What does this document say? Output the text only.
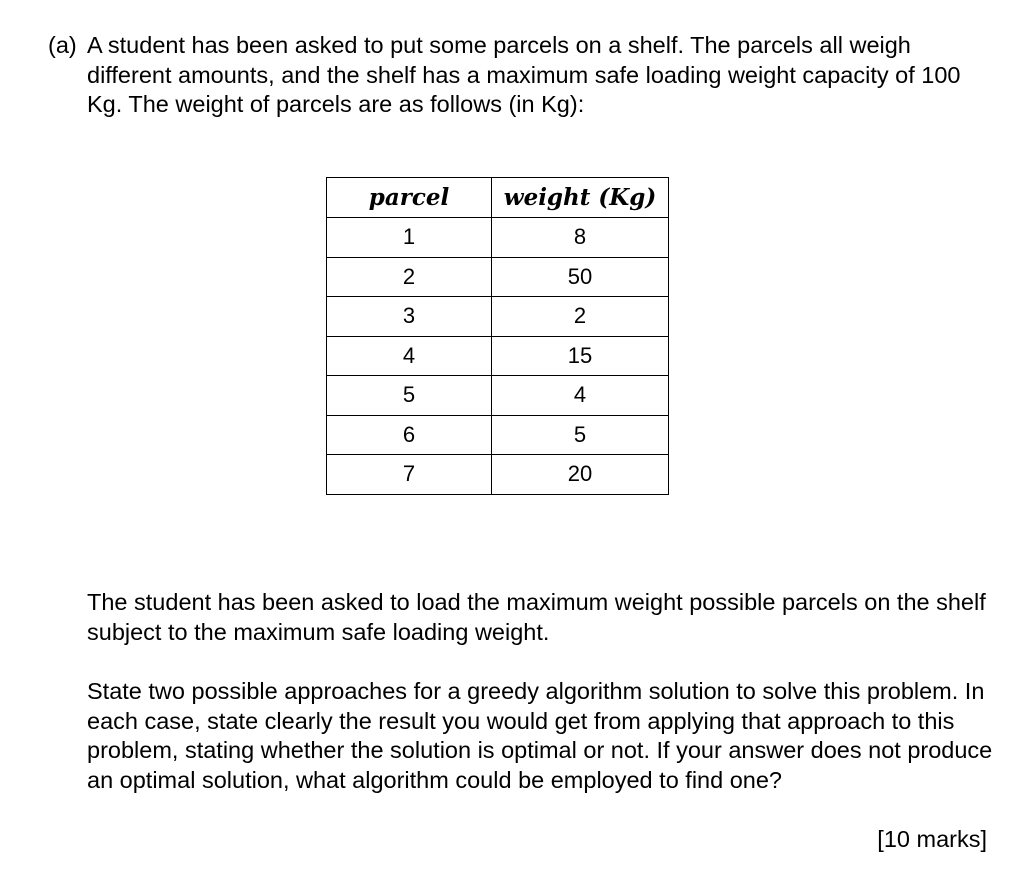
(a) A student has been asked to put some parcels on a shelf. The parcels all weigh different amounts, and the shelf has a maximum safe loading weight capacity of 100 Kg. The weight of parcels are as follows (in Kg):

parcel	weight (Kg)
1	8
2	50
3	2
4	15
5	4
6	5
7	20

The student has been asked to load the maximum weight possible parcels on the shelf subject to the maximum safe loading weight.

State two possible approaches for a greedy algorithm solution to solve this problem. In each case, state clearly the result you would get from applying that approach to this problem, stating whether the solution is optimal or not. If your answer does not produce an optimal solution, what algorithm could be employed to find one?

[10 marks]
